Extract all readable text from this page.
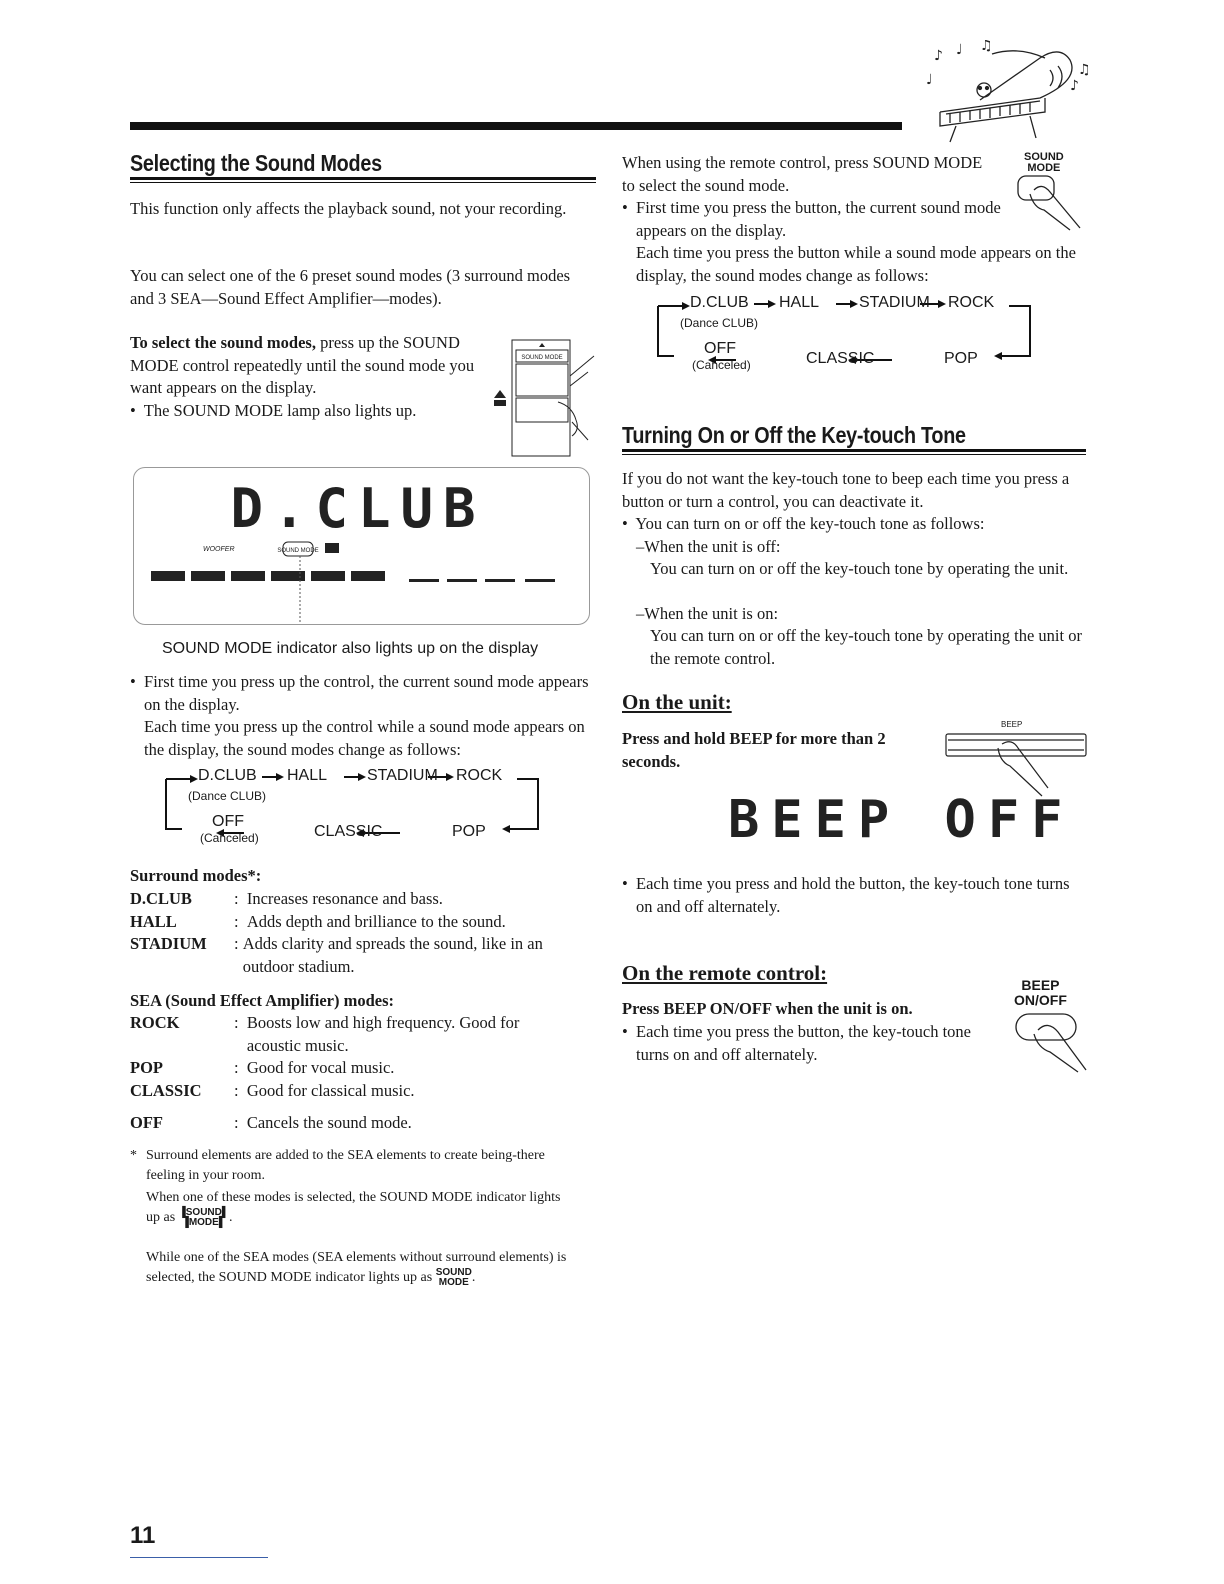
♪ ♩ ♫
♩
♫
♪
Selecting the Sound Modes
This function only affects the playback sound, not your recording.
You can select one of the 6 preset sound modes (3 surround modes and 3 SEA—Sound Effect Amplifier—modes).
To select the sound modes, press up the SOUND MODE control repeatedly until the sound mode you want appears on the display.
•  The SOUND MODE lamp also lights up.
SOUND MODE
D.CLUB
WOOFER	SOUND MODE
SOUND MODE indicator also lights up on the display
•  First time you press up the control, the current sound mode appears on the display.
Each time you press up the control while a sound mode appears on the display, the sound modes change as follows:
D.CLUB
(Dance CLUB)
HALL STADIUM ROCK
OFF
(Canceled)	CLASSIC	POP
Surround modes*:
D.CLUB	: Increases resonance and bass.
HALL	: Adds depth and brilliance to the sound.
STADIUM	: Adds clarity and spreads the sound, like in an outdoor stadium.
SEA (Sound Effect Amplifier) modes:
ROCK	: Boosts low and high frequency. Good for acoustic music.
POP	: Good for vocal music.
CLASSIC	: Good for classical music.
OFF	: Cancels the sound mode.
* Surround elements are added to the SEA elements to create being-there feeling in your room.
When one of these modes is selected, the SOUND MODE indicator lights up as ▐SOUND▌
▐MODE▌ .
While one of the SEA modes (SEA elements without surround elements) is selected, the SOUND MODE indicator lights up as SOUND
MODE .
When using the remote control, press SOUND MODE to select the sound mode.
SOUND
MODE
•  First time you press the button, the current sound mode appears on the display.
Each time you press the button while a sound mode appears on the display, the sound modes change as follows:
D.CLUB
(Dance CLUB)
HALL STADIUM ROCK
OFF
(Canceled)	CLASSIC	POP
Turning On or Off the Key-touch Tone
If you do not want the key-touch tone to beep each time you press a button or turn a control, you can deactivate it.
•  You can turn on or off the key-touch tone as follows:
–When the unit is off:
You can turn on or off the key-touch tone by operating the unit.
–When the unit is on:
You can turn on or off the key-touch tone by operating the unit or the remote control.
On the unit:
Press and hold BEEP for more than 2 seconds.
BEEP
BEEP OFF
•  Each time you press and hold the button, the key-touch tone turns on and off alternately.
On the remote control:
Press BEEP ON/OFF when the unit is on.
BEEP
ON/OFF
•  Each time you press the button, the key-touch tone turns on and off alternately.
11
